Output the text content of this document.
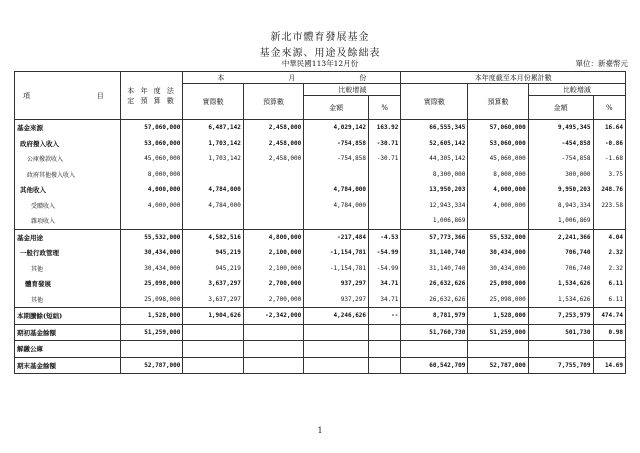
新北市體育發展基金
基金來源、用途及餘絀表
中華民國113年12月份	單位：新臺幣元
項 目	本 年 度 法
定 預 算 數	本 月 份				本年度截至本月份累計數			
		實際數	預算數	比較增減		實際數	預算數	比較增減	
				金額	%			金額	%
基金來源	57,060,000	6,487,142	2,458,000	4,029,142	163.92	66,555,345	57,060,000	9,495,345	16.64
政府撥入收入	53,060,000	1,703,142	2,458,000	-754,858	-30.71	52,605,142	53,060,000	-454,858	-0.86
公庫撥款收入	45,060,000	1,703,142	2,458,000	-754,858	-30.71	44,305,142	45,060,000	-754,858	-1.68
政府其他撥入收入	8,000,000					8,300,000	8,000,000	300,000	3.75
其他收入	4,000,000	4,784,000		4,784,000		13,950,203	4,000,000	9,950,203	248.76
受贈收入	4,000,000	4,784,000		4,784,000		12,943,334	4,000,000	8,943,334	223.58
雜項收入						1,006,869		1,006,869	
基金用途	55,532,000	4,582,516	4,800,000	-217,484	-4.53	57,773,366	55,532,000	2,241,366	4.04
一般行政管理	30,434,000	945,219	2,100,000	-1,154,781	-54.99	31,140,740	30,434,000	706,740	2.32
其他	30,434,000	945,219	2,100,000	-1,154,781	-54.99	31,140,740	30,434,000	706,740	2.32
體育發展	25,098,000	3,637,297	2,700,000	937,297	34.71	26,632,626	25,098,000	1,534,626	6.11
其他	25,098,000	3,637,297	2,700,000	937,297	34.71	26,632,626	25,098,000	1,534,626	6.11
本期賸餘(短絀)	1,528,000	1,904,626	-2,342,000	4,246,626	--	8,781,979	1,528,000	7,253,979	474.74
期初基金餘額	51,259,000					51,760,730	51,259,000	501,730	0.98
解繳公庫									
期末基金餘額	52,787,000					60,542,709	52,787,000	7,755,709	14.69
1
